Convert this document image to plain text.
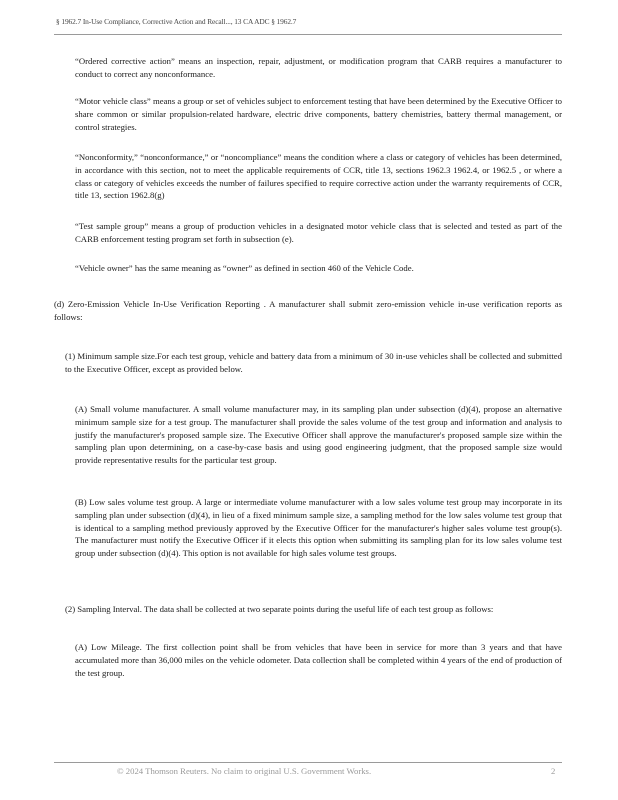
§ 1962.7 In-Use Compliance, Corrective Action and Recall..., 13 CA ADC § 1962.7

“Ordered corrective action” means an inspection, repair, adjustment, or modification program that CARB requires a manufacturer to conduct to correct any nonconformance.

“Motor vehicle class” means a group or set of vehicles subject to enforcement testing that have been determined by the Executive Officer to share common or similar propulsion-related hardware, electric drive components, battery chemistries, battery thermal management, or control strategies.

“Nonconformity,” “nonconformance,” or “noncompliance” means the condition where a class or category of vehicles has been determined, in accordance with this section, not to meet the applicable requirements of CCR, title 13, sections 1962.3 1962.4, or 1962.5 , or where a class or category of vehicles exceeds the number of failures specified to require corrective action under the warranty requirements of CCR, title 13, section 1962.8(g)

“Test sample group” means a group of production vehicles in a designated motor vehicle class that is selected and tested as part of the CARB enforcement testing program set forth in subsection (e).

“Vehicle owner” has the same meaning as “owner” as defined in section 460 of the Vehicle Code.

(d) Zero-Emission Vehicle In-Use Verification Reporting . A manufacturer shall submit zero-emission vehicle in-use verification reports as follows:

(1) Minimum sample size.For each test group, vehicle and battery data from a minimum of 30 in-use vehicles shall be collected and submitted to the Executive Officer, except as provided below.

(A) Small volume manufacturer. A small volume manufacturer may, in its sampling plan under subsection (d)(4), propose an alternative minimum sample size for a test group. The manufacturer shall provide the sales volume of the test group and information and analysis to justify the manufacturer's proposed sample size. The Executive Officer shall approve the manufacturer's proposed sample size within the sampling plan upon determining, on a case-by-case basis and using good engineering judgment, that the proposed sample size would provide representative results for the particular test group.

(B) Low sales volume test group. A large or intermediate volume manufacturer with a low sales volume test group may incorporate in its sampling plan under subsection (d)(4), in lieu of a fixed minimum sample size, a sampling method for the low sales volume test group that is identical to a sampling method previously approved by the Executive Officer for the manufacturer's higher sales volume test group(s). The manufacturer must notify the Executive Officer if it elects this option when submitting its sampling plan for its low sales volume test group under subsection (d)(4). This option is not available for high sales volume test groups.

(2) Sampling Interval. The data shall be collected at two separate points during the useful life of each test group as follows:

(A) Low Mileage. The first collection point shall be from vehicles that have been in service for more than 3 years and that have accumulated more than 36,000 miles on the vehicle odometer. Data collection shall be completed within 4 years of the end of production of the test group.

© 2024 Thomson Reuters. No claim to original U.S. Government Works.	2
